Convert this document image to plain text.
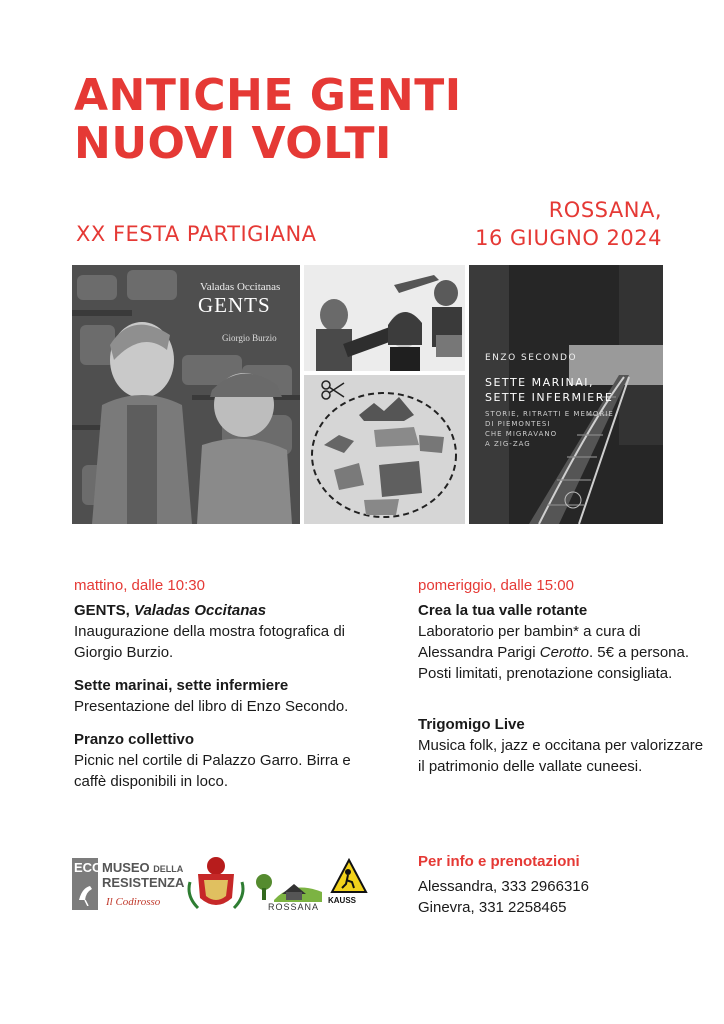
ANTICHE GENTI
NUOVI VOLTI
XX FESTA PARTIGIANA
ROSSANA,
16 GIUGNO 2024
Valadas Occitanas
GENTS
Giorgio Burzio
ENZO SECONDO
SETTE MARINAI,
SETTE INFERMIERE
STORIE, RITRATTI E MEMORIE
DI PIEMONTESI
CHE MIGRAVANO
A ZIG-ZAG
mattino, dalle 10:30
GENTS, Valadas Occitanas
Inaugurazione della mostra fotografica di Giorgio Burzio.
Sette marinai, sette infermiere
Presentazione del libro di Enzo Secondo.
Pranzo collettivo
Picnic nel cortile di Palazzo Garro. Birra e caffè disponibili in loco.
pomeriggio, dalle 15:00
Crea la tua valle rotante
Laboratorio per bambin* a cura di Alessandra Parigi Cerotto. 5€ a persona. Posti limitati, prenotazione consigliata.
Trigomigo Live
Musica folk, jazz e occitana per valorizzare il patrimonio delle vallate cuneesi.
Per info e prenotazioni
Alessandra, 333 2966316
Ginevra, 331 2258465
ECO MUSEO DELLA
RESISTENZA
Il Codirosso	ROSSANA
KAUSS
